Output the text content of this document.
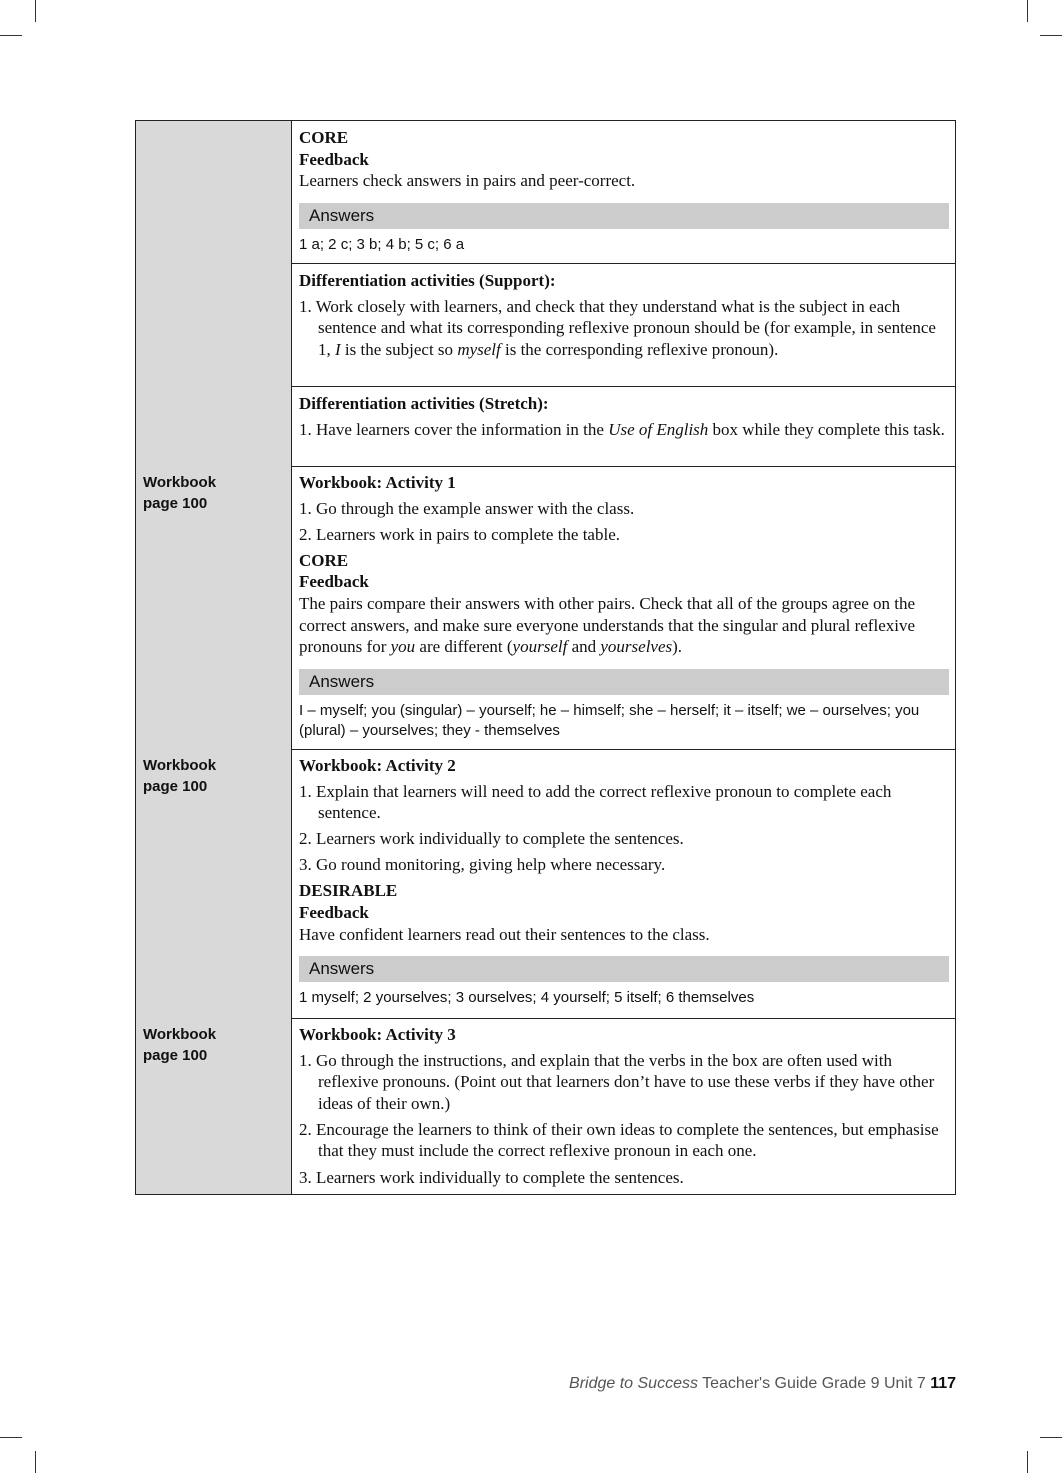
CORE
Feedback
Learners check answers in pairs and peer-correct.
Answers
1 a; 2 c; 3 b; 4 b; 5 c; 6 a
Differentiation activities (Support):
1. Work closely with learners, and check that they understand what is the subject in each sentence and what its corresponding reflexive pronoun should be (for example, in sentence 1, I is the subject so myself is the corresponding reflexive pronoun).
Differentiation activities (Stretch):
1. Have learners cover the information in the Use of English box while they complete this task.
Workbook
page 100
Workbook: Activity 1
1. Go through the example answer with the class.
2. Learners work in pairs to complete the table.
CORE
Feedback
The pairs compare their answers with other pairs. Check that all of the groups agree on the correct answers, and make sure everyone understands that the singular and plural reflexive pronouns for you are different (yourself and yourselves).
Answers
I – myself; you (singular) – yourself; he – himself; she – herself; it – itself; we – ourselves; you (plural) – yourselves; they - themselves
Workbook
page 100
Workbook: Activity 2
1. Explain that learners will need to add the correct reflexive pronoun to complete each sentence.
2. Learners work individually to complete the sentences.
3. Go round monitoring, giving help where necessary.
DESIRABLE
Feedback
Have confident learners read out their sentences to the class.
Answers
1 myself; 2 yourselves; 3 ourselves; 4 yourself; 5 itself; 6 themselves
Workbook
page 100
Workbook: Activity 3
1. Go through the instructions, and explain that the verbs in the box are often used with reflexive pronouns. (Point out that learners don’t have to use these verbs if they have other ideas of their own.)
2. Encourage the learners to think of their own ideas to complete the sentences, but emphasise that they must include the correct reflexive pronoun in each one.
3. Learners work individually to complete the sentences.
Bridge to Success Teacher's Guide Grade 9 Unit 7 117
